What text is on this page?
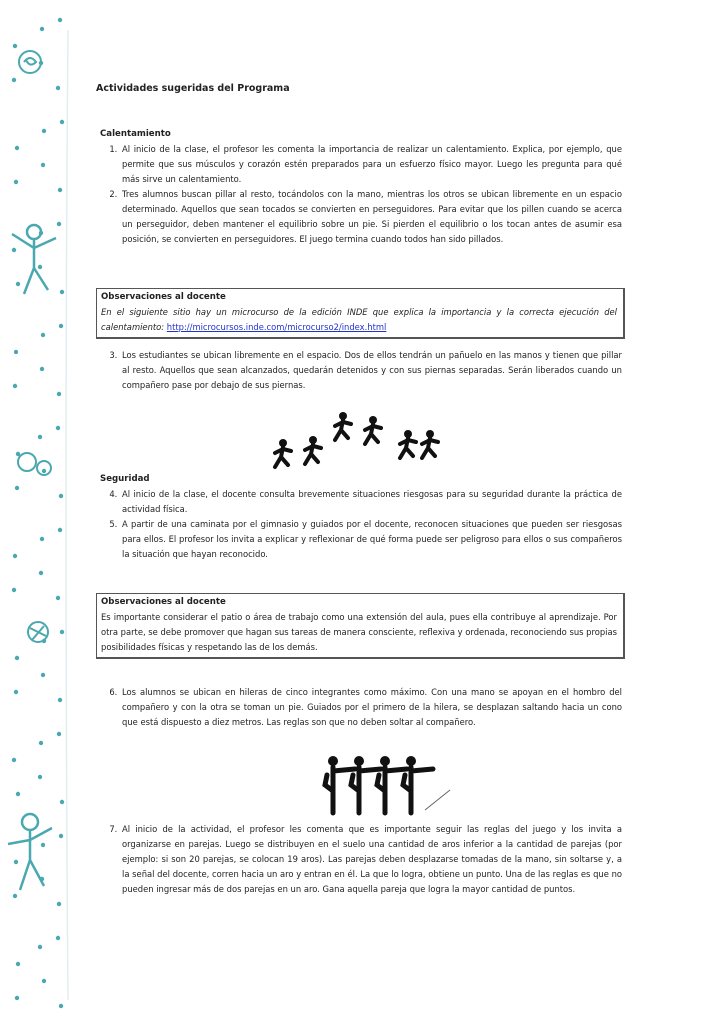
Actividades sugeridas del Programa
Calentamiento
1. Al inicio de la clase, el profesor les comenta la importancia de realizar un calentamiento. Explica, por ejemplo, que permite que sus músculos y corazón estén preparados para un esfuerzo físico mayor. Luego les pregunta para qué más sirve un calentamiento.
2. Tres alumnos buscan pillar al resto, tocándolos con la mano, mientras los otros se ubican libremente en un espacio determinado. Aquellos que sean tocados se convierten en perseguidores. Para evitar que los pillen cuando se acerca un perseguidor, deben mantener el equilibrio sobre un pie. Si pierden el equilibrio o los tocan antes de asumir esa posición, se convierten en perseguidores. El juego termina cuando todos han sido pillados.
Observaciones al docente
En el siguiente sitio hay un microcurso de la edición INDE que explica la importancia y la correcta ejecución del calentamiento: http://microcursos.inde.com/microcurso2/index.html
3. Los estudiantes se ubican libremente en el espacio. Dos de ellos tendrán un pañuelo en las manos y tienen que pillar al resto. Aquellos que sean alcanzados, quedarán detenidos y con sus piernas separadas. Serán liberados cuando un compañero pase por debajo de sus piernas.
Seguridad
4. Al inicio de la clase, el docente consulta brevemente situaciones riesgosas para su seguridad durante la práctica de actividad física.
5. A partir de una caminata por el gimnasio y guiados por el docente, reconocen situaciones que pueden ser riesgosas para ellos. El profesor los invita a explicar y reflexionar de qué forma puede ser peligroso para ellos o sus compañeros la situación que hayan reconocido.
Observaciones al docente
Es importante considerar el patio o área de trabajo como una extensión del aula, pues ella contribuye al aprendizaje. Por otra parte, se debe promover que hagan sus tareas de manera consciente, reflexiva y ordenada, reconociendo sus propias posibilidades físicas y respetando las de los demás.
6. Los alumnos se ubican en hileras de cinco integrantes como máximo. Con una mano se apoyan en el hombro del compañero y con la otra se toman un pie. Guiados por el primero de la hilera, se desplazan saltando hacia un cono que está dispuesto a diez metros. Las reglas son que no deben soltar al compañero.
7. Al inicio de la actividad, el profesor les comenta que es importante seguir las reglas del juego y los invita a organizarse en parejas. Luego se distribuyen en el suelo una cantidad de aros inferior a la cantidad de parejas (por ejemplo: si son 20 parejas, se colocan 19 aros). Las parejas deben desplazarse tomadas de la mano, sin soltarse y, a la señal del docente, corren hacia un aro y entran en él. La que lo logra, obtiene un punto. Una de las reglas es que no pueden ingresar más de dos parejas en un aro. Gana aquella pareja que logra la mayor cantidad de puntos.
